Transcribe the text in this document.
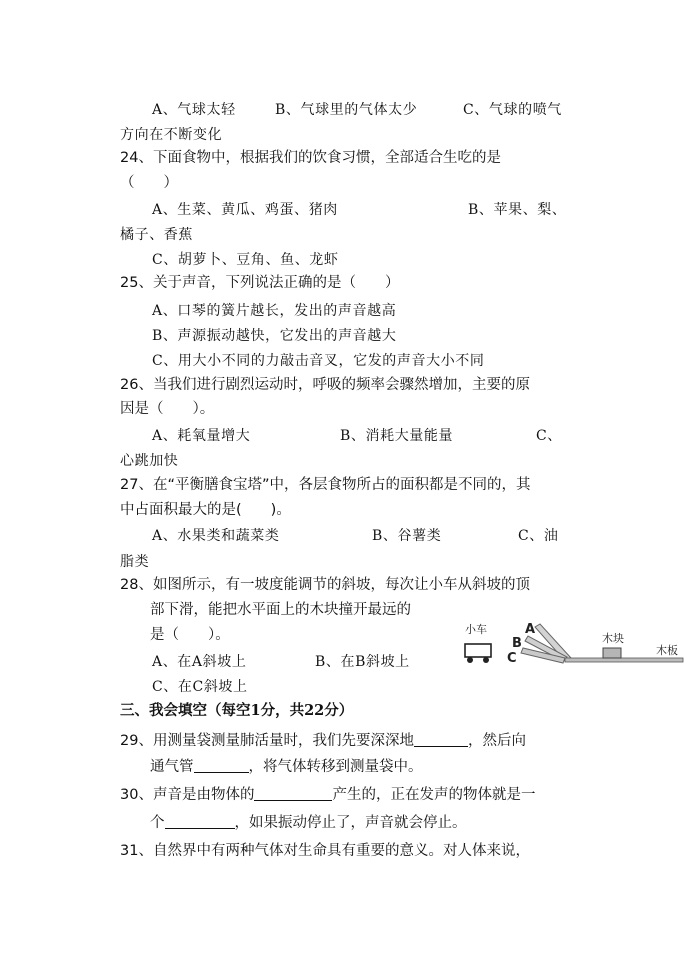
A、气球太轻	B、气球里的气体太少	C、气球的喷气
方向在不断变化
24、下面食物中，根据我们的饮食习惯，全部适合生吃的是
（　　）
A、生菜、黄瓜、鸡蛋、猪肉	B、苹果、梨、
橘子、香蕉
C、胡萝卜、豆角、鱼、龙虾
25、关于声音，下列说法正确的是（　　）
A、口琴的簧片越长，发出的声音越高
B、声源振动越快，它发出的声音越大
C、用大小不同的力敲击音叉，它发的声音大小不同
26、当我们进行剧烈运动时，呼吸的频率会骤然增加，主要的原
因是（　　）。
A、耗氧量增大	B、消耗大量能量	C、
心跳加快
27、在“平衡膳食宝塔”中，各层食物所占的面积都是不同的，其
中占面积最大的是(　　)。
A、水果类和蔬菜类	B、谷薯类	C、油
脂类
28、如图所示，有一坡度能调节的斜坡，每次让小车从斜坡的顶
部下滑，能把水平面上的木块撞开最远的
是（　　）。
A、在A斜坡上	B、在B斜坡上
C、在C斜坡上
小车	A
B
C
木块
木板
三、我会填空（每空1分，共22分）
29、用测量袋测量肺活量时，我们先要深深地	，然后向
通气管	，将气体转移到测量袋中。
30、声音是由物体的	产生的，正在发声的物体就是一
个	，如果振动停止了，声音就会停止。
31、自然界中有两种气体对生命具有重要的意义。对人体来说，
